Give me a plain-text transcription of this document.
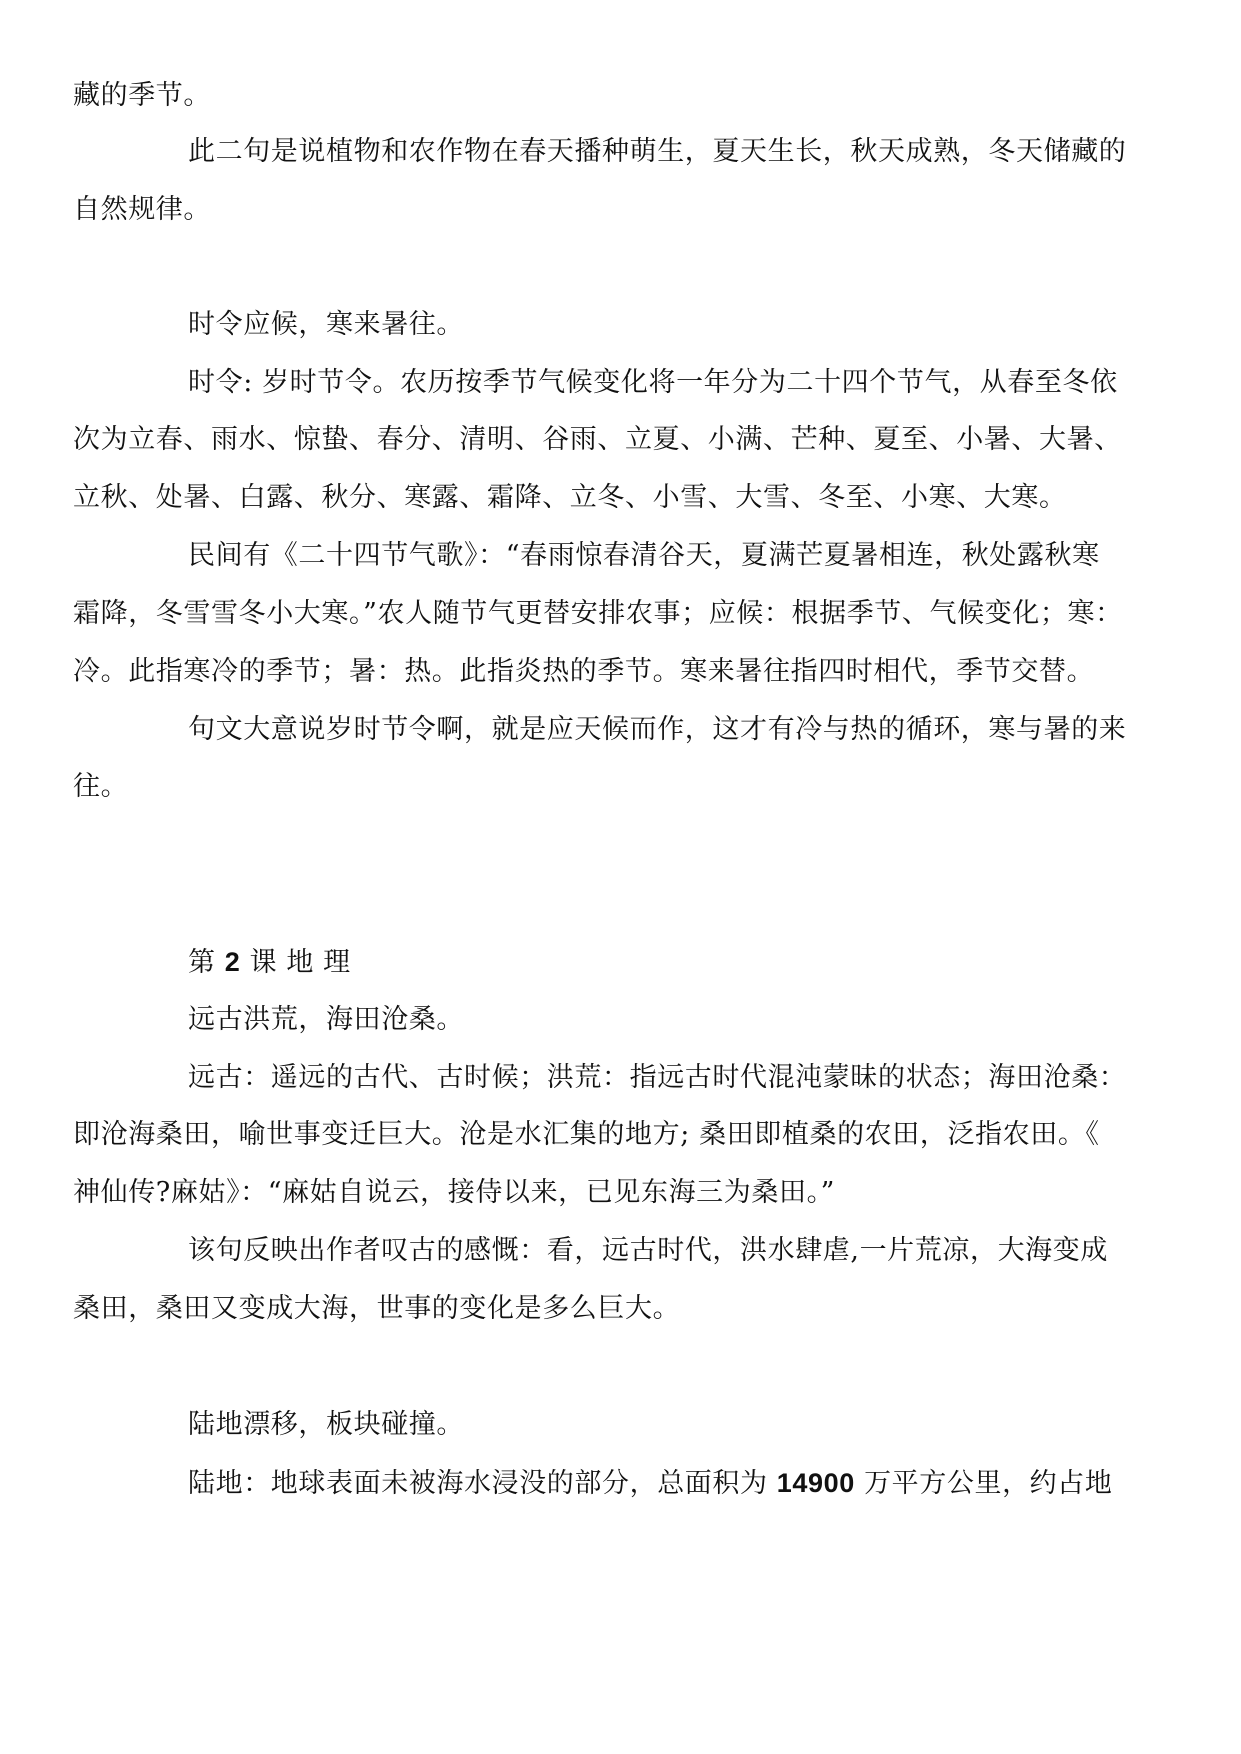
藏的季节。
此二句是说植物和农作物在春天播种萌生，夏天生长，秋天成熟，冬天储藏的
自然规律。
时令应候，寒来暑往。
时令: 岁时节令。农历按季节气候变化将一年分为二十四个节气，从春至冬依
次为立春、雨水、惊蛰、春分、清明、谷雨、立夏、小满、芒种、夏至、小暑、大暑、
立秋、处暑、白露、秋分、寒露、霜降、立冬、小雪、大雪、冬至、小寒、大寒。
民间有《二十四节气歌》：“春雨惊春清谷天，夏满芒夏暑相连，秋处露秋寒
霜降，冬雪雪冬小大寒。”农人随节气更替安排农事；应候：根据季节、气候变化；寒：
冷。此指寒冷的季节；暑：热。此指炎热的季节。寒来暑往指四时相代，季节交替。
句文大意说岁时节令啊，就是应天候而作，这才有冷与热的循环，寒与暑的来
往。
第 2 课 地 理
远古洪荒，海田沧桑。
远古：遥远的古代、古时候；洪荒：指远古时代混沌蒙昧的状态；海田沧桑：
即沧海桑田，喻世事变迁巨大。沧是水汇集的地方; 桑田即植桑的农田，泛指农田。《
神仙传?麻姑》：“麻姑自说云，接侍以来，已见东海三为桑田。”
该句反映出作者叹古的感慨：看，远古时代，洪水肆虐,一片荒凉，大海变成
桑田，桑田又变成大海，世事的变化是多么巨大。
陆地漂移，板块碰撞。
陆地：地球表面未被海水浸没的部分，总面积为 14900 万平方公里，约占地
